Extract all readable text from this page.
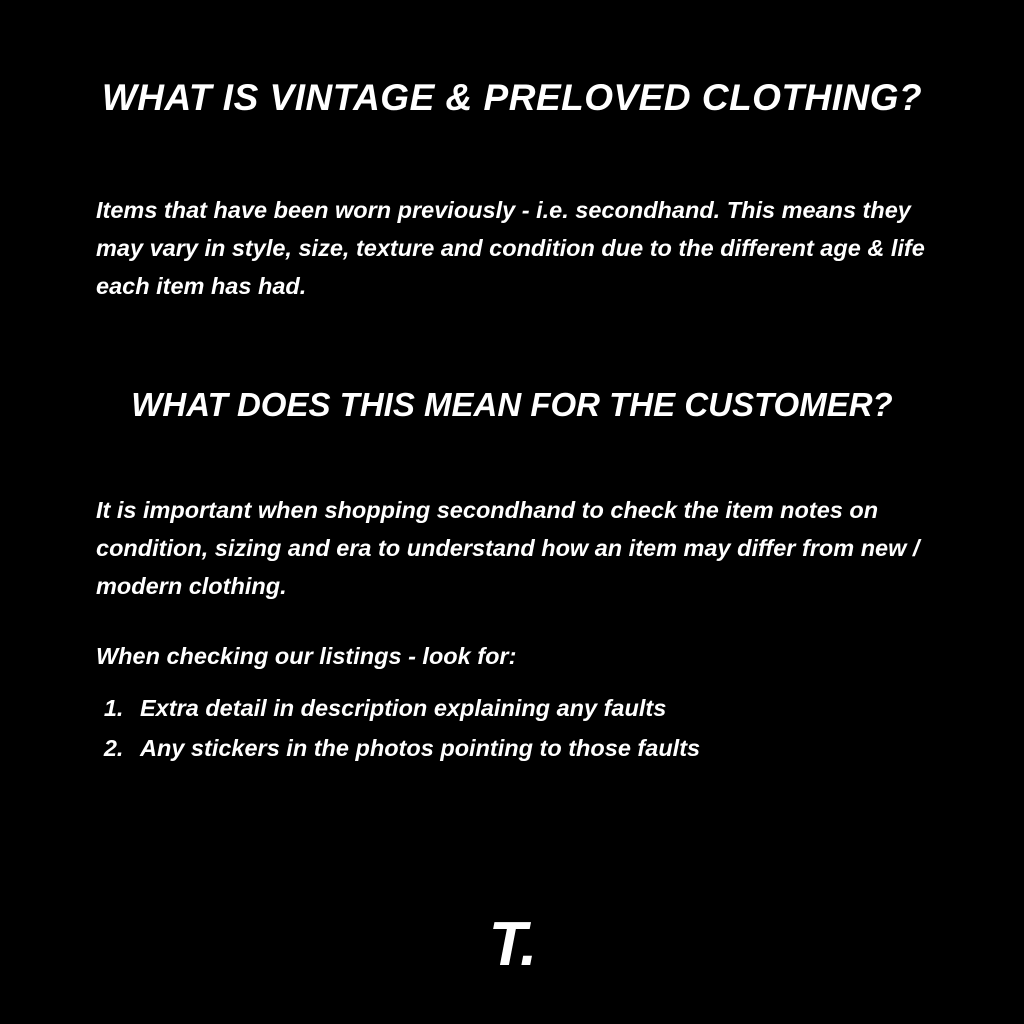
WHAT IS VINTAGE & PRELOVED CLOTHING?

Items that have been worn previously - i.e. secondhand. This means they may vary in style, size, texture and condition due to the different age & life each item has had.

WHAT DOES THIS MEAN FOR THE CUSTOMER?

It is important when shopping secondhand to check the item notes on condition, sizing and era to understand how an item may differ from new / modern clothing.

When checking our listings - look for:

1. Extra detail in description explaining any faults
2. Any stickers in the photos pointing to those faults
T.
